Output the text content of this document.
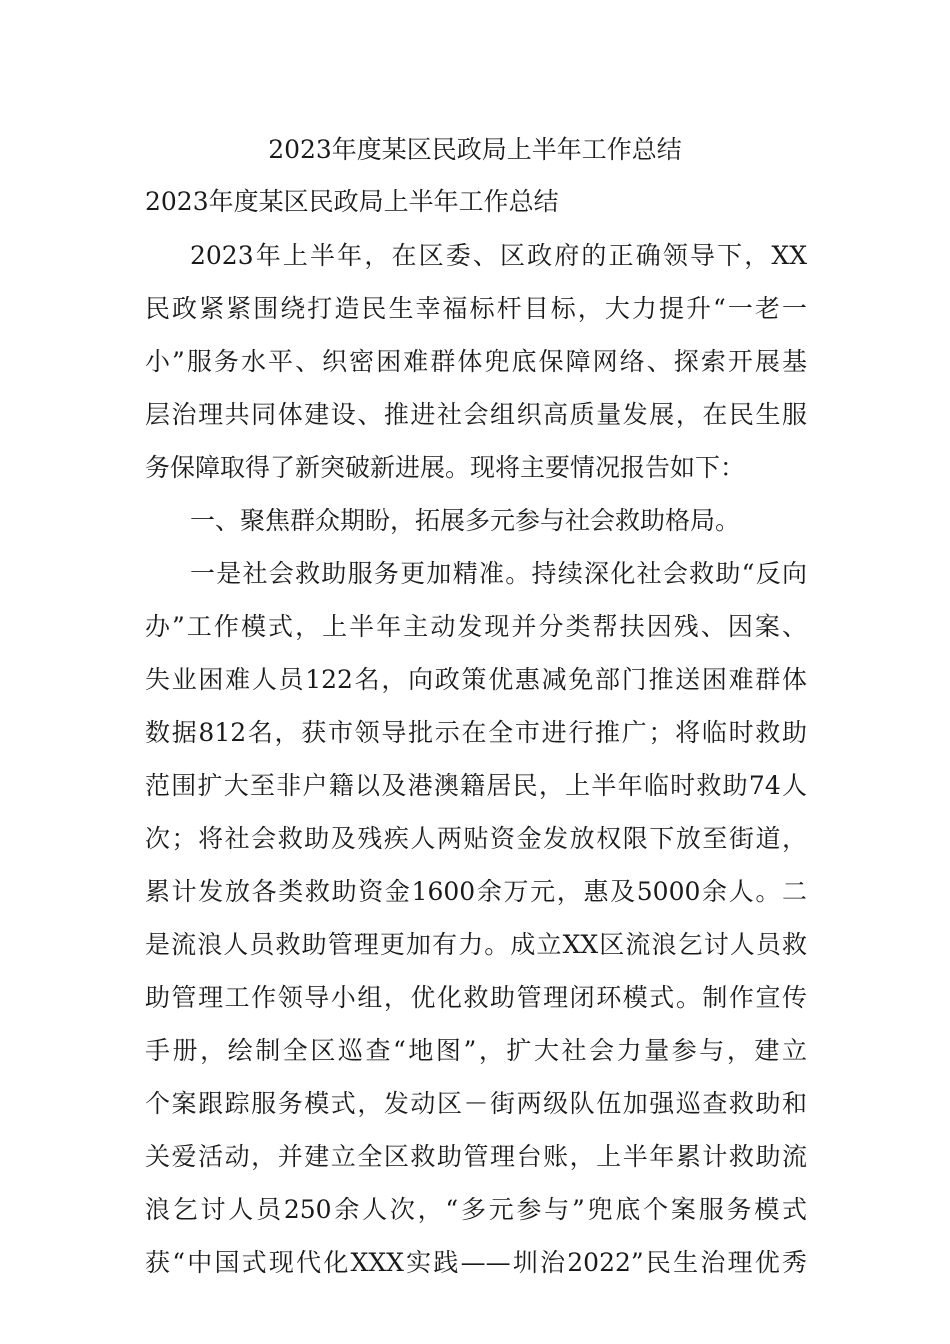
2023年度某区民政局上半年工作总结
2023年度某区民政局上半年工作总结
2023年上半年，在区委、区政府的正确领导下，XX
民政紧紧围绕打造民生幸福标杆目标，大力提升“一老一
小”服务水平、织密困难群体兜底保障网络、探索开展基
层治理共同体建设、推进社会组织高质量发展，在民生服
务保障取得了新突破新进展。现将主要情况报告如下：
一、聚焦群众期盼，拓展多元参与社会救助格局。
一是社会救助服务更加精准。持续深化社会救助“反向
办”工作模式，上半年主动发现并分类帮扶因残、因案、
失业困难人员122名，向政策优惠减免部门推送困难群体
数据812名，获市领导批示在全市进行推广；将临时救助
范围扩大至非户籍以及港澳籍居民，上半年临时救助74人
次；将社会救助及残疾人两贴资金发放权限下放至街道，
累计发放各类救助资金1600余万元，惠及5000余人。二
是流浪人员救助管理更加有力。成立XX区流浪乞讨人员救
助管理工作领导小组，优化救助管理闭环模式。制作宣传
手册，绘制全区巡查“地图”，扩大社会力量参与，建立
个案跟踪服务模式，发动区－街两级队伍加强巡查救助和
关爱活动，并建立全区救助管理台账，上半年累计救助流
浪乞讨人员250余人次，“多元参与”兜底个案服务模式
获“中国式现代化XXX实践——圳治2022”民生治理优秀
